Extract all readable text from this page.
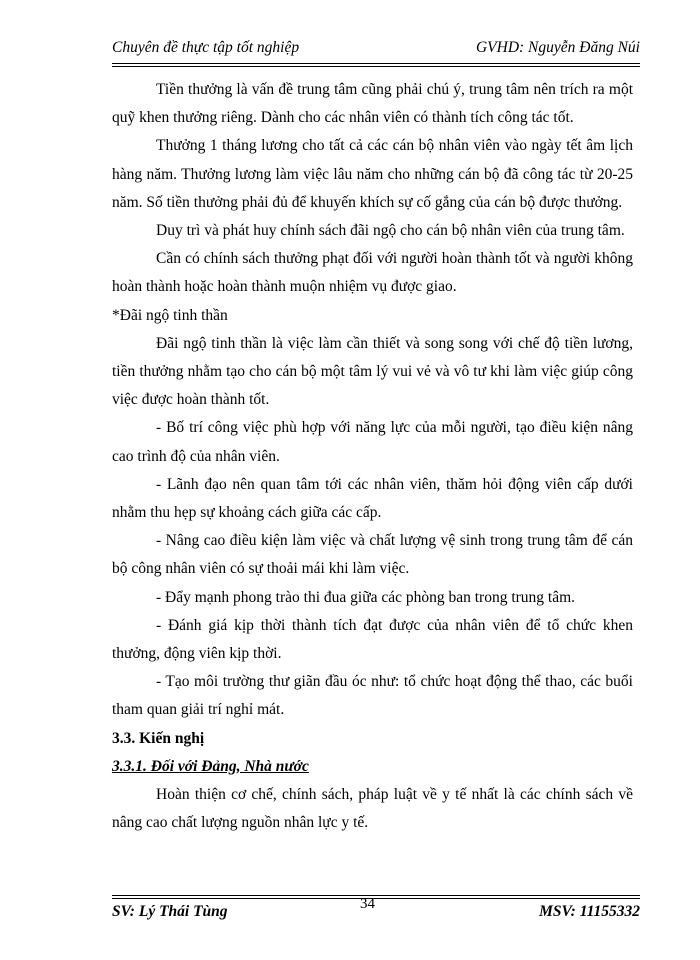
Chuyên đề thực tập tốt nghiệp	GVHD: Nguyễn Đăng Núi

Tiền thưởng là vấn đề trung tâm cũng phải chú ý, trung tâm nên trích ra một quỹ khen thưởng riêng. Dành cho các nhân viên có thành tích công tác tốt.

Thưởng 1 tháng lương cho tất cả các cán bộ nhân viên vào ngày tết âm lịch hàng năm. Thưởng lương làm việc lâu năm cho những cán bộ đã công tác từ 20-25 năm. Số tiền thưởng phải đủ để khuyến khích sự cố gắng của cán bộ được thưởng.

Duy trì và phát huy chính sách đãi ngộ cho cán bộ nhân viên của trung tâm.

Cần có chính sách thưởng phạt đối với người hoàn thành tốt và người không hoàn thành hoặc hoàn thành muộn nhiệm vụ được giao.

*Đãi ngộ tinh thần

Đãi ngộ tinh thần là việc làm cần thiết và song song với chế độ tiền lương, tiền thưởng nhằm tạo cho cán bộ một tâm lý vui vẻ và vô tư khi làm việc giúp công việc được hoàn thành tốt.

- Bố trí công việc phù hợp với năng lực của mỗi người, tạo điều kiện nâng cao trình độ của nhân viên.

- Lãnh đạo nên quan tâm tới các nhân viên, thăm hỏi động viên cấp dưới nhằm thu hẹp sự khoảng cách giữa các cấp.

- Nâng cao điều kiện làm việc và chất lượng vệ sinh trong trung tâm để cán bộ công nhân viên có sự thoải mái khi làm việc.

- Đẩy mạnh phong trào thi đua giữa các phòng ban trong trung tâm.

- Đánh giá kịp thời thành tích đạt được của nhân viên để tổ chức khen thưởng, động viên kịp thời.

- Tạo môi trường thư giãn đầu óc như: tổ chức hoạt động thể thao, các buổi tham quan giải trí nghỉ mát.

3.3. Kiến nghị

3.3.1. Đối với Đảng, Nhà nước

Hoàn thiện cơ chế, chính sách, pháp luật về y tế nhất là các chính sách về nâng cao chất lượng nguồn nhân lực y tế.

SV: Lý Thái Tùng	MSV: 11155332
34
